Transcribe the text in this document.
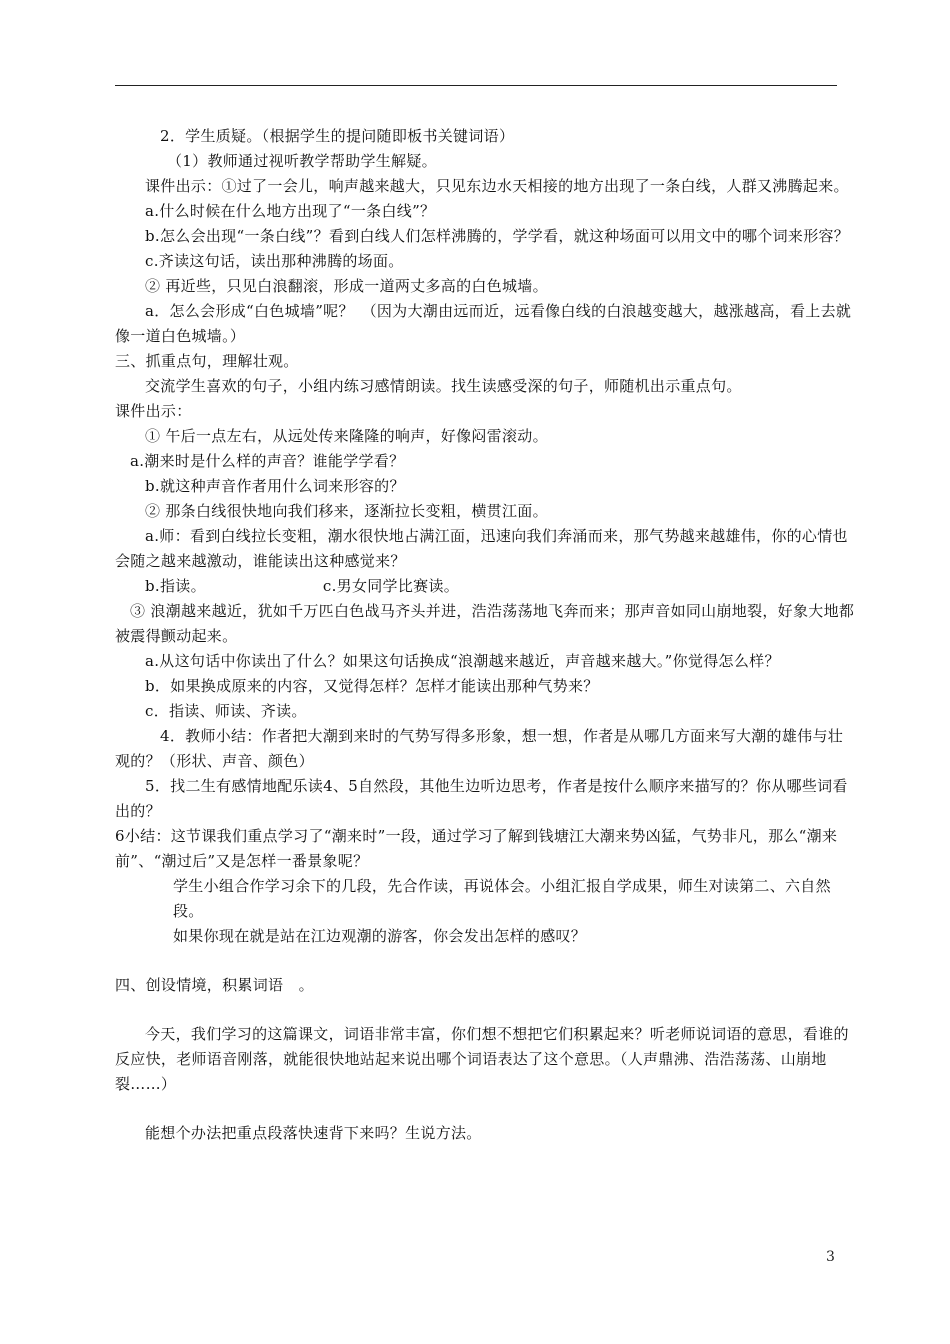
2．学生质疑。（根据学生的提问随即板书关键词语）

（1）教师通过视听教学帮助学生解疑。

课件出示：①过了一会儿，响声越来越大，只见东边水天相接的地方出现了一条白线，人群又沸腾起来。

a.什么时候在什么地方出现了“一条白线”？

b.怎么会出现“一条白线”？看到白线人们怎样沸腾的，学学看，就这种场面可以用文中的哪个词来形容？

c.齐读这句话，读出那种沸腾的场面。

② 再近些，只见白浪翻滚，形成一道两丈多高的白色城墙。

a．怎么会形成“白色城墙”呢？　（因为大潮由远而近，远看像白线的白浪越变越大，越涨越高，看上去就像一道白色城墙。）

三、抓重点句，理解壮观。

交流学生喜欢的句子，小组内练习感情朗读。找生读感受深的句子，师随机出示重点句。

课件出示：

① 午后一点左右，从远处传来隆隆的响声，好像闷雷滚动。

a.潮来时是什么样的声音？谁能学学看？

b.就这种声音作者用什么词来形容的？

② 那条白线很快地向我们移来，逐渐拉长变粗，横贯江面。

a.师：看到白线拉长变粗，潮水很快地占满江面，迅速向我们奔涌而来，那气势越来越雄伟，你的心情也会随之越来越激动，谁能读出这种感觉来？

b.指读。	c.男女同学比赛读。

③ 浪潮越来越近，犹如千万匹白色战马齐头并进，浩浩荡荡地飞奔而来；那声音如同山崩地裂，好象大地都被震得颤动起来。

a.从这句话中你读出了什么？如果这句话换成“浪潮越来越近，声音越来越大。”你觉得怎么样？

b．如果换成原来的内容，又觉得怎样？怎样才能读出那种气势来？

c．指读、师读、齐读。

4．教师小结：作者把大潮到来时的气势写得多形象，想一想，作者是从哪几方面来写大潮的雄伟与壮观的？（形状、声音、颜色）

5．找二生有感情地配乐读4、5自然段，其他生边听边思考，作者是按什么顺序来描写的？你从哪些词看出的？

6小结：这节课我们重点学习了“潮来时”一段，通过学习了解到钱塘江大潮来势凶猛，气势非凡，那么“潮来前”、“潮过后”又是怎样一番景象呢？

学生小组合作学习余下的几段，先合作读，再说体会。小组汇报自学成果，师生对读第二、六自然段。

如果你现在就是站在江边观潮的游客，你会发出怎样的感叹？

四、创设情境，积累词语　。

今天，我们学习的这篇课文，词语非常丰富，你们想不想把它们积累起来？听老师说词语的意思，看谁的反应快，老师语音刚落，就能很快地站起来说出哪个词语表达了这个意思。（人声鼎沸、浩浩荡荡、山崩地裂……）

能想个办法把重点段落快速背下来吗？生说方法。

3
